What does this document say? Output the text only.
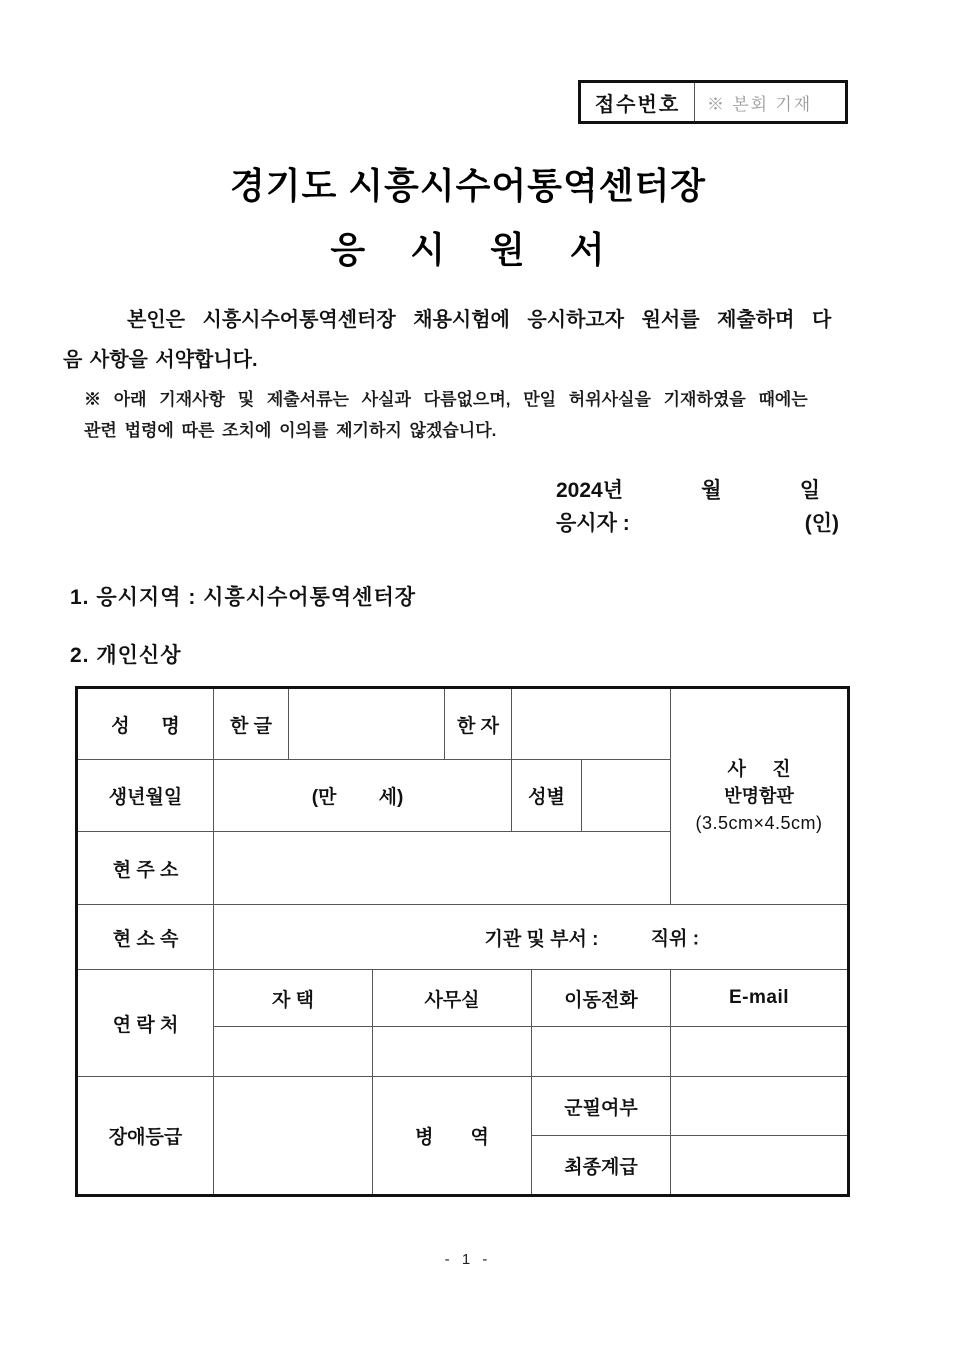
접수번호	※ 본회 기재
경기도 시흥시수어통역센터장
응    시    원    서
본인은 시흥시수어통역센터장 채용시험에 응시하고자 원서를 제출하며 다
음 사항을 서약합니다.
※ 아래 기재사항 및 제출서류는 사실과 다름없으며, 만일 허위사실을 기재하였을 때에는
관련 법령에 따른 조치에 이의를 제기하지 않겠습니다.
2024년	월	일
응시자 :	(인)
1. 응시지역 : 시흥시수어통역센터장
2. 개인신상
성      명	한 글			한 자				사     진
반명함판
(3.5cm×4.5cm)

생년월일	(만        세)				성별			
현 주 소								
현 소 속	기관 및 부서 : 직위 :							

연 락 처	자 택		사무실			이동전화		E-mail

장애등급			병       역			군필여부		
						최종계급		
- 1 -
